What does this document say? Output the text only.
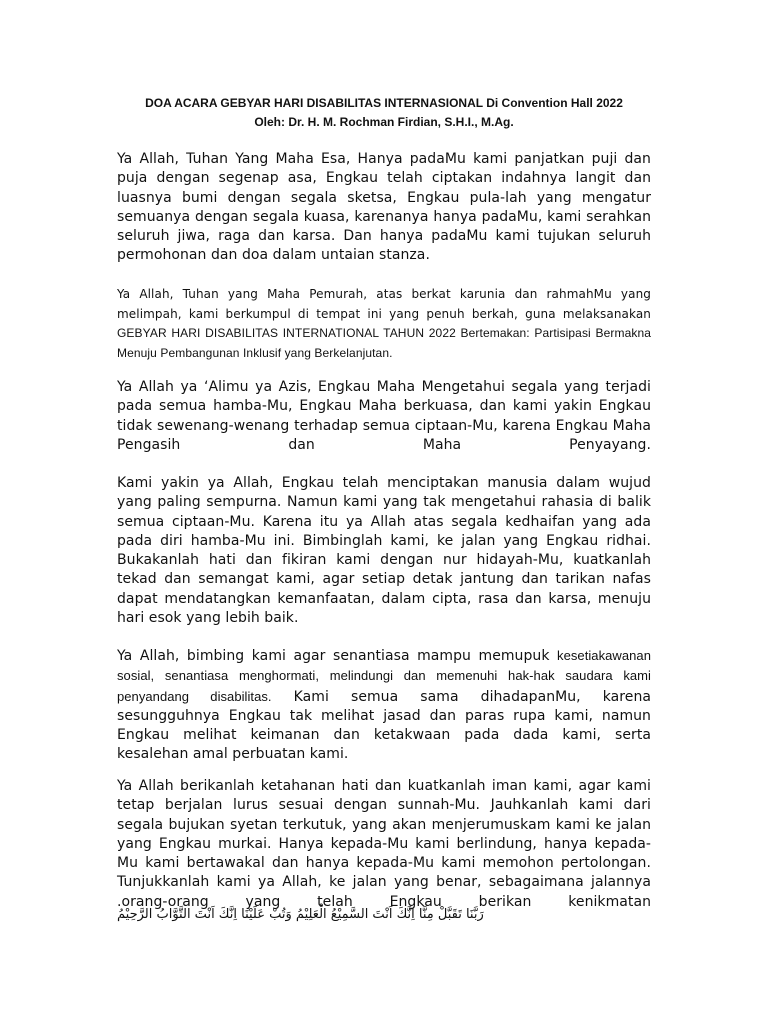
DOA ACARA GEBYAR HARI DISABILITAS INTERNASIONAL Di Convention Hall 2022
Oleh: Dr. H. M. Rochman Firdian, S.H.I., M.Ag.

Ya Allah, Tuhan Yang Maha Esa, Hanya padaMu kami panjatkan puji dan puja dengan segenap asa, Engkau telah ciptakan indahnya langit dan luasnya bumi dengan segala sketsa, Engkau pula-lah yang mengatur semuanya dengan segala kuasa, karenanya hanya padaMu, kami serahkan seluruh jiwa, raga dan karsa. Dan hanya padaMu kami tujukan seluruh permohonan dan doa dalam untaian stanza.

Ya Allah, Tuhan yang Maha Pemurah, atas berkat karunia dan rahmahMu yang melimpah, kami berkumpul di tempat ini yang penuh berkah, guna melaksanakan GEBYAR HARI DISABILITAS INTERNATIONAL TAHUN 2022 Bertemakan: Partisipasi Bermakna Menuju Pembangunan Inklusif yang Berkelanjutan.

Ya Allah ya ‘Alimu ya Azis, Engkau Maha Mengetahui segala yang terjadi pada semua hamba-Mu, Engkau Maha berkuasa, dan kami yakin Engkau tidak sewenang-wenang terhadap semua ciptaan-Mu, karena Engkau Maha Pengasih dan Maha Penyayang.

Kami yakin ya Allah, Engkau telah menciptakan manusia dalam wujud yang paling sempurna. Namun kami yang tak mengetahui rahasia di balik semua ciptaan-Mu. Karena itu ya Allah atas segala kedhaifan yang ada pada diri hamba-Mu ini. Bimbinglah kami, ke jalan yang Engkau ridhai. Bukakanlah hati dan fikiran kami dengan nur hidayah-Mu, kuatkanlah tekad dan semangat kami, agar setiap detak jantung dan tarikan nafas dapat mendatangkan kemanfaatan, dalam cipta, rasa dan karsa, menuju hari esok yang lebih baik.

Ya Allah, bimbing kami agar senantiasa mampu memupuk kesetiakawanan sosial, senantiasa menghormati, melindungi dan memenuhi hak-hak saudara kami penyandang disabilitas. Kami semua sama dihadapanMu, karena sesungguhnya Engkau tak melihat jasad dan paras rupa kami, namun Engkau melihat keimanan dan ketakwaan pada dada kami, serta kesalehan amal perbuatan kami.

Ya Allah berikanlah ketahanan hati dan kuatkanlah iman kami, agar kami tetap berjalan lurus sesuai dengan sunnah-Mu. Jauhkanlah kami dari segala bujukan syetan terkutuk, yang akan menjerumuskam kami ke jalan yang Engkau murkai. Hanya kepada-Mu kami berlindung, hanya kepada-Mu kami bertawakal dan hanya kepada-Mu kami memohon pertolongan. Tunjukkanlah kami ya Allah, ke jalan yang benar, sebagaimana jalannya .orang-orang yang telah Engkau berikan kenikmatan

رَبَّنَا تَقَبَّلْ مِنَّا اِنَّكَ اَنْتَ السَّمِيْعُ الْعَلِيْمُ وَتُبْ عَلَيْنَا اِنَّكَ اَنْتَ التَّوَّابُ الرَّحِيْمُ
